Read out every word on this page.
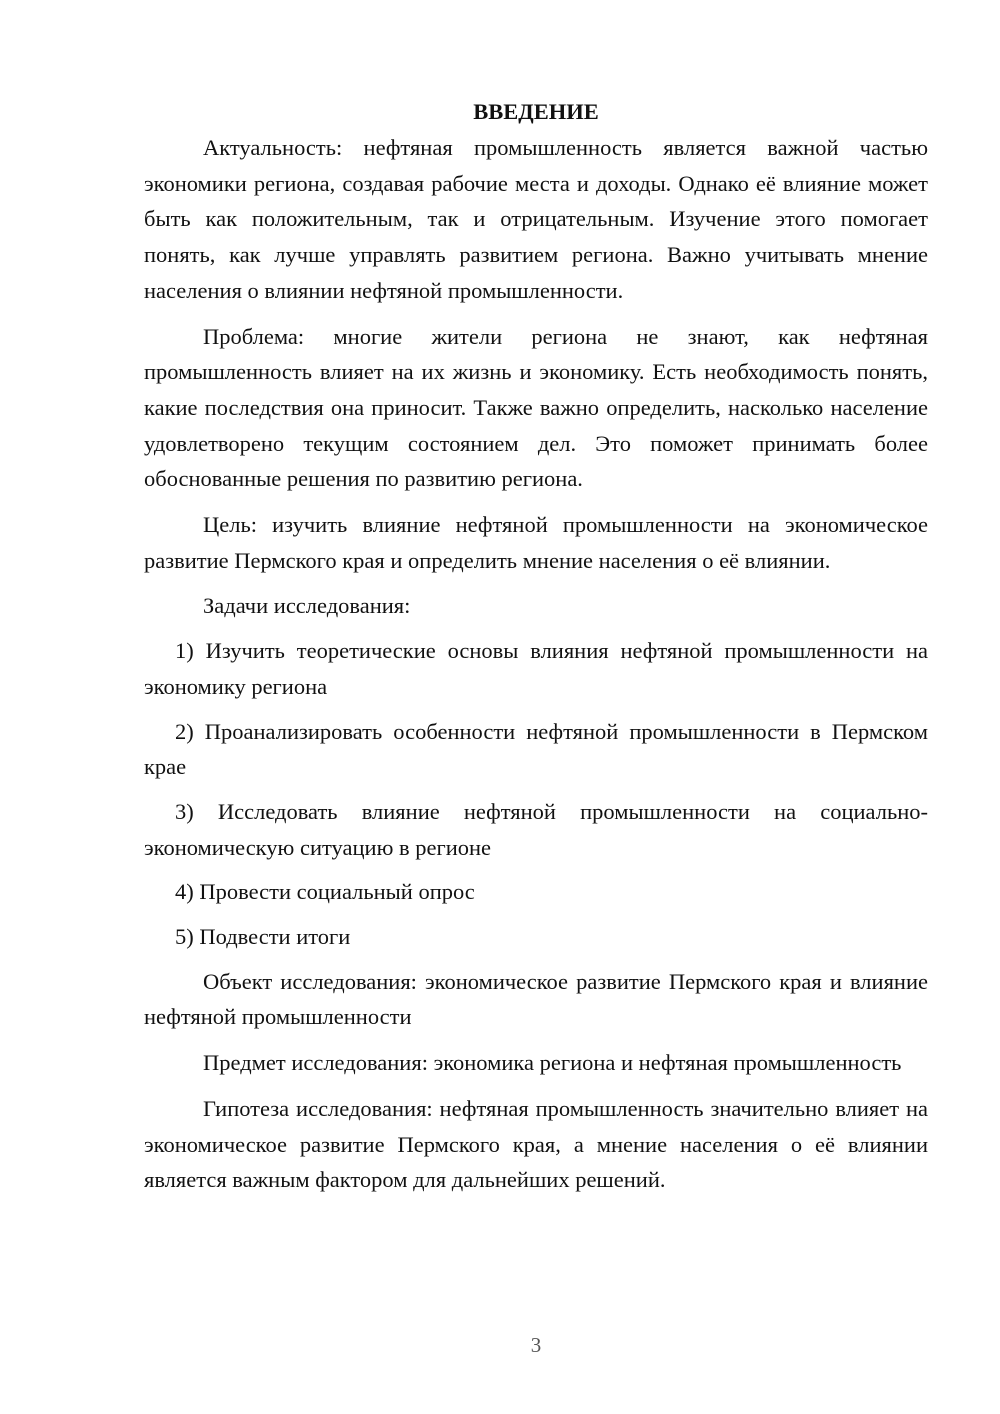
ВВЕДЕНИЕ

Актуальность: нефтяная промышленность является важной частью экономики региона, создавая рабочие места и доходы. Однако её влияние может быть как положительным, так и отрицательным. Изучение этого помогает понять, как лучше управлять развитием региона. Важно учитывать мнение населения о влиянии нефтяной промышленности.

Проблема: многие жители региона не знают, как нефтяная промышленность влияет на их жизнь и экономику. Есть необходимость понять, какие последствия она приносит. Также важно определить, насколько население удовлетворено текущим состоянием дел. Это поможет принимать более обоснованные решения по развитию региона.

Цель: изучить влияние нефтяной промышленности на экономическое развитие Пермского края и определить мнение населения о её влиянии.

Задачи исследования:

1) Изучить теоретические основы влияния нефтяной промышленности на экономику региона

2) Проанализировать особенности нефтяной промышленности в Пермском крае

3) Исследовать влияние нефтяной промышленности на социально-экономическую ситуацию в регионе

4) Провести социальный опрос

5) Подвести итоги

Объект исследования: экономическое развитие Пермского края и влияние нефтяной промышленности

Предмет исследования: экономика региона и нефтяная промышленность

Гипотеза исследования: нефтяная промышленность значительно влияет на экономическое развитие Пермского края, а мнение населения о её влиянии является важным фактором для дальнейших решений.

3
